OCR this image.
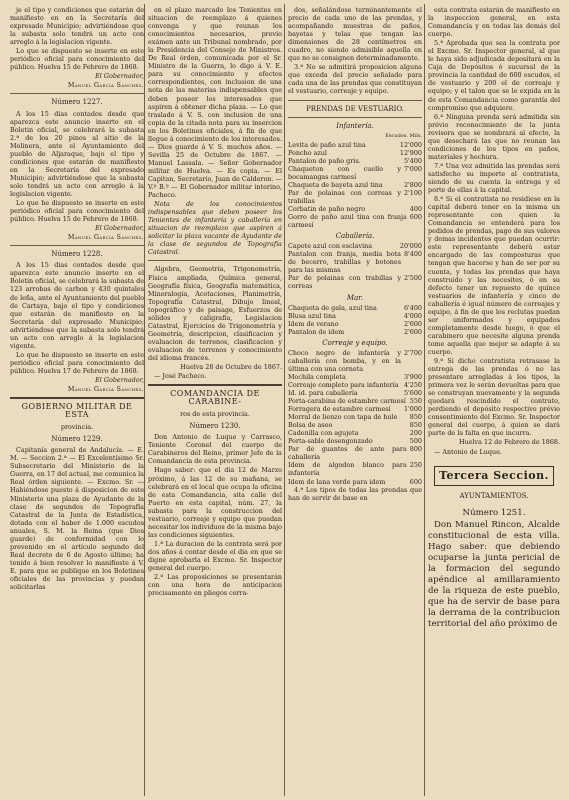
je el tipo y condiciones que estarán de manifiesto en en la Secretaría del expresado Municipio; advirtiéndose que la subasta solo tendrá un acto con arreglo á la legislacion vigente.

Lo que se dispuesto se inserte en este periódico oficial para conocimiento del público. Huelva 15 de Febrero de 1868.

El Gobernador,

Manuel García Sanchez.

Número 1227.

A los 15 dias contados desde que aparezca este anuncio inserto en el Boletin oficial, se celebrará la subasta 2.ª de los 20 pinos al sitio de la Molinera, ante el Ayuntamiento del pueblo de Aljaraque, bajo el tipo y condiciones que estarán de manifiesto en la Secretaría del expresado Municipio; advirtiéndose que la subasta solo tendrá un acto con arreglo á la legislacion vigente.

Lo que he dispuesto se inserte en este periódico oficial para conocimiento del público. Huelva 15 de Febrero de 1868.

El Gobernador,

Manuel García Sanchez.

Número 1228.

A los 15 dias contados desde que aparezca este anuncio inserto en el Boletin oficial, se celebrará la subasta de 123 arrobas de carbon y 430 quintales de leña, ante el Ayuntamiento del pueblo de Cartaya, bajo el tipo y condiciones que estarán de manifiesto en la Secretaría del expresado Municipio; advirtiéndose que la subasta solo tendrá un acto con arreglo á la legislacion vigente.

Lo que he dispuesto se inserte en este periódico oficial para conocimiento del público. Huelva 17 de Febrero de 1868.

El Gobernador,

Manuel García Sanchez.

GOBIERNO MILITAR DE ESTA

provincia.

Número 1229.

Capitanía general de Andalucía. — E. M. — Seccion 2.ª — El Excelentísimo Sr. Subsecretario del Ministerio de la Guerra, en 17 del actual, me comunica la Real órden siguiente. — Excmo. Sr. — Habiéndose puesto á disposicion de este Ministerio una plaza de Ayudante de la clase de segundos de Topografía Catastral de la Junta de Estadística, dotada con el haber de 1.000 escudos anuales, S. M. la Reina (que Dios guarde) de conformidad con lo prevenido en el artículo segundo del Real decreto de 6 de Agosto último; ha tenido á bien resolver lo manifieste á V. E. para que se publique en los Boletines oficiales de las provincias y puedan solicitarlas

en el plazo marcado los Tenientes en situacion de reemplazo á quienes convenga y que reunan los conocimientos necesarios, previo exámen ante un Tribunal nombrado, por la Presidencia del Consejo de Ministros. De Real órden, comunicada por el Sr. Ministro de la Guerra, lo digo á V. E. para su conocimiento y efectos correspondientes, con inclusion de una nota de las materias indispensables que deben poseer los interesados que aspiren á obtener dicha plaza. — Lo que traslado á V. S. con inclusion de una copia de la citada nota para su insercion en los Boletines oficiales, á fin de que llegue á conocimiento de los interesados. — Dios guarde á V. S. muchos años. — Sevilla 25 de Octubre de 1867. — Manuel Lassala. — Señor Gobernador militar de Huelva. — Es copia. — El Capitan, Secretario, Juan de Calderon. — V.º B.º — El Gobernador militar interino, Pacheco.

Nota de los conocimientos indispensables que deben poseer los Tenientes de infantería y caballería en situacion de reemplazo que aspiren á solicitar la plaza vacante de Ayudante de la clase de segundos de Topografía Catastral.

Algebra, Geometría, Trigonometría, Física ampliada, Química general, Geografía física, Geografía matemática, Mineralogía, Acotaciones, Planimetría, Topografía Catastral, Dibujo lineal, topográfico y de paisage, Esfuerzos de sólidos y caligrafía, Legislacion Catastral, Ejercicios de Trigonometría y Geometría, descripcion, clasificacion y evaluacion de terrenos, clasificacion y evaluacion de terrenos y conocimiento del idioma francés.

Huelva 28 de Octubre de 1867.

— José Pacheco.

COMANDANCIA DE CARABINE-

ros de esta provincia.

Número 1230.

Don Antonio de Luque y Carrasco, Teniente Coronel del cuerpo de Carabineros del Reino, primer Jefe de la Comandancia de esta provincia.

Hago saber: que el dia 12 de Marzo próximo, á las 12 de su mañana, se celebrará en el local que ocupa la oficina de esta Comandancia, sita calle del Puerto en esta capital, núm. 27, la subasta para la construccion del vestuario, correaje y equipo que puedan necesitar los individuos de la misma bajo las condiciones siguientes.

1.ª La duracion de la contrata será por dos años á contar desde el dia en que se digne aprobarla el Excmo. Sr. Inspector general del cuerpo.

2.ª Las proposiciones se presentarán con una hora de anticipacion precisamente en pliegos cerra-

dos, señalándose terminantemente el precio de cada uno de las prendas, y acompañando muestras de paños, bayetas y telas que tengan las dimensiones de 28 centímetros en cuadro, no siendo admisible aquella en que no se consignen determinadamente.

3.ª No se admitirá proposicion alguna que exceda del precio señalado para cada una de las prendas que constituyan el vestuario, correaje y equipo.

PRENDAS DE VESTUARIO.

Infantería.

Escudos. Mils.

Levita de paño azul tina	12'000
Poncho azul	12'900
Pantalon de paño gris.	5'400
Chaqueton con cuello y bocamangas carmesí
7'000
Chaqueta de bayeta azul tina	2'800
Par de polainas con correas y trabillas
2'100
Corbatin de paño negro	400
Gorro de paño azul tina con franja carmesí
600

Caballería.

Capote azul con esclavina	20'000
Pantalon con franja, media bota de becerro, trabillas y botones para las mismas
8'400
Par de polainas con trabillas y correas
2'500

Mar.

Chaqueta de gala, azul tina	6'400
Blusa azul tina	4'000
Idem de verano	2'600
Pantalon de idem	2'600

Correaje y equipo.

Choco negro de infantería y caballería con bomba, y en la última con una corneta
2'700
Mochila completa	3'900
Correaje completo para infantería 4'250
Id. id. para caballería	5'600
Porta-carabina de estambre carmesí 550
Forragera de estambre carmesí	1'000
Morral de lienzo con tapa de hule	850
Bolsa de aseo	850
Cadenilla con agujeta	200
Porta-sable desengonzado	500
Par de guantes de ante para caballería
800
Idem de algodon blanco para infantería
250
Idem de lana verde para idem	600

4.ª Los tipos de todas las prendas que han de servir de base en

esta contrata estarán de manifiesto en la inspeccion general, en esta Comandancia y en todas las demás del cuerpo.

5.ª Aprobada que sea la contrata por el Excmo. Sr. Inspector general, al que le haya sido adjudicada depositará en la Caja de Depósitos ó sucursal de la provincia la cantidad de 600 escudos, el de vestuario y 200 el de correaje y equipo; y el talon que se le expida en la de esta Comandancia como garantía del compromiso que adquiere.

6.ª Ninguna prenda será admitida sin prévio reconocimiento de la junta revisora que se nombrará al efecto, la que desechará las que no reunan las condiciones de los tipos en paños, materiales y hechura.

7.ª Una vez admitida las prendas será satisfecho su importe al contratista, siendo de su cuenta la entrega y el porte de ellas á la capital.

8.ª Si el contratista no residiese en la capital deberá tener en la misma un representante con quien la Comandancia se entenderá para los pedidos de prendas, pago de sus valores y demas incidentes que puedan ocurrir: este representante deberá estar encargado de las composturas que tengan que hacerse y han de ser por su cuenta, y todas las prendas que haya construido y las necesites, ó en su defecto tener un repuesto de quince vestuarios de infantería y cinco de caballería é igual número de correajes y equipo, á fin de que los reclutas puedan ser uniformados y equipados completamente desde luego, ó que el carabinero que necesite alguna prenda tome aquella que mejor se adapte á su cuerpo.

9.ª Si dicho contratista retrasase la entrega de las prendas ó no las presentare arregladas á los tipos, la primera vez le serán devueltas para que se construyan nuevamente y la segunda quedará rescindido el contrato, perdiendo el depósito respectivo prévio consentimiento del Excmo. Sr. Inspector general del cuerpo, á quien se dará parte de la falta en que incurra.

Huelva 12 de Febrero de 1868.

— Antonio de Luque.

Tercera Seccion.

AYUNTAMIENTOS.

Número 1251.

Don Manuel Rincon, Alcalde constitucional de esta villa. Hago saber: que debiendo ocuparse la junta pericial de la formacion del segundo apéndice al amillaramiento de la riqueza de este pueblo, que ha de servir de base para la derrama de la contribucion territorial del año próximo de
